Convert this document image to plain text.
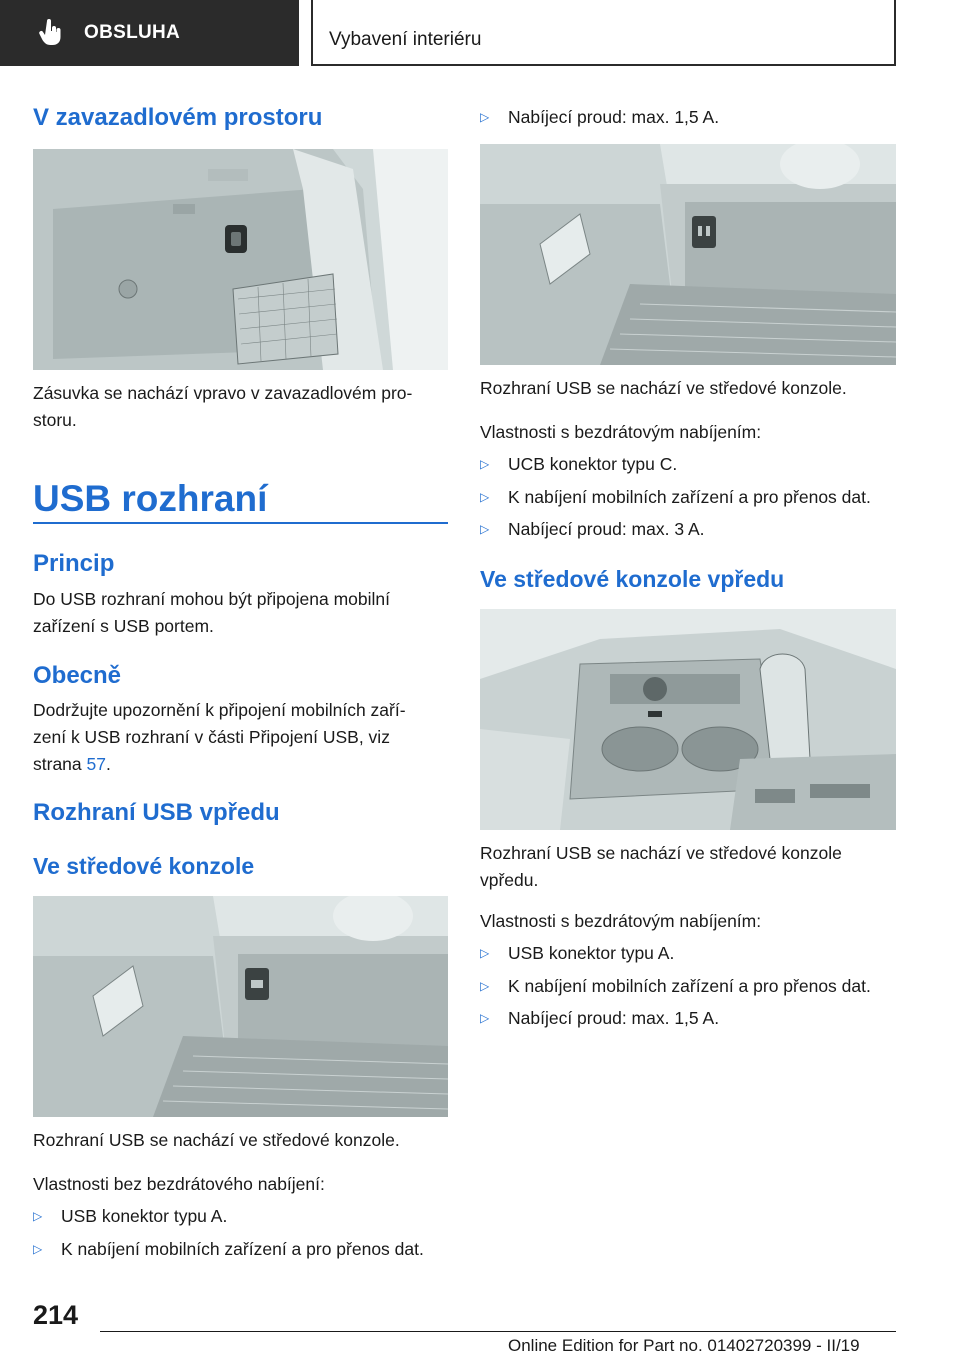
OBSLUHA	Vybavení interiéru
V zavazadlovém prostoru
Zásuvka se nachází vpravo v zavazadlovém pro-
storu.
USB rozhraní
Princip
Do USB rozhraní mohou být připojena mobilní
zařízení s USB portem.
Obecně
Dodržujte upozornění k připojení mobilních zaří-
zení k USB rozhraní v části Připojení USB, viz
strana 57.
Rozhraní USB vpředu
Ve středové konzole
Rozhraní USB se nachází ve středové konzole.
Vlastnosti bez bezdrátového nabíjení:
▷	USB konektor typu A.
▷	K nabíjení mobilních zařízení a pro přenos dat.
▷	Nabíjecí proud: max. 1,5 A.
Rozhraní USB se nachází ve středové konzole.
Vlastnosti s bezdrátovým nabíjením:
▷	UCB konektor typu C.
▷	K nabíjení mobilních zařízení a pro přenos dat.
▷	Nabíjecí proud: max. 3 A.
Ve středové konzole vpředu
Rozhraní USB se nachází ve středové konzole
vpředu.
Vlastnosti s bezdrátovým nabíjením:
▷	USB konektor typu A.
▷	K nabíjení mobilních zařízení a pro přenos dat.
▷	Nabíjecí proud: max. 1,5 A.
214
Online Edition for Part no. 01402720399 - II/19
